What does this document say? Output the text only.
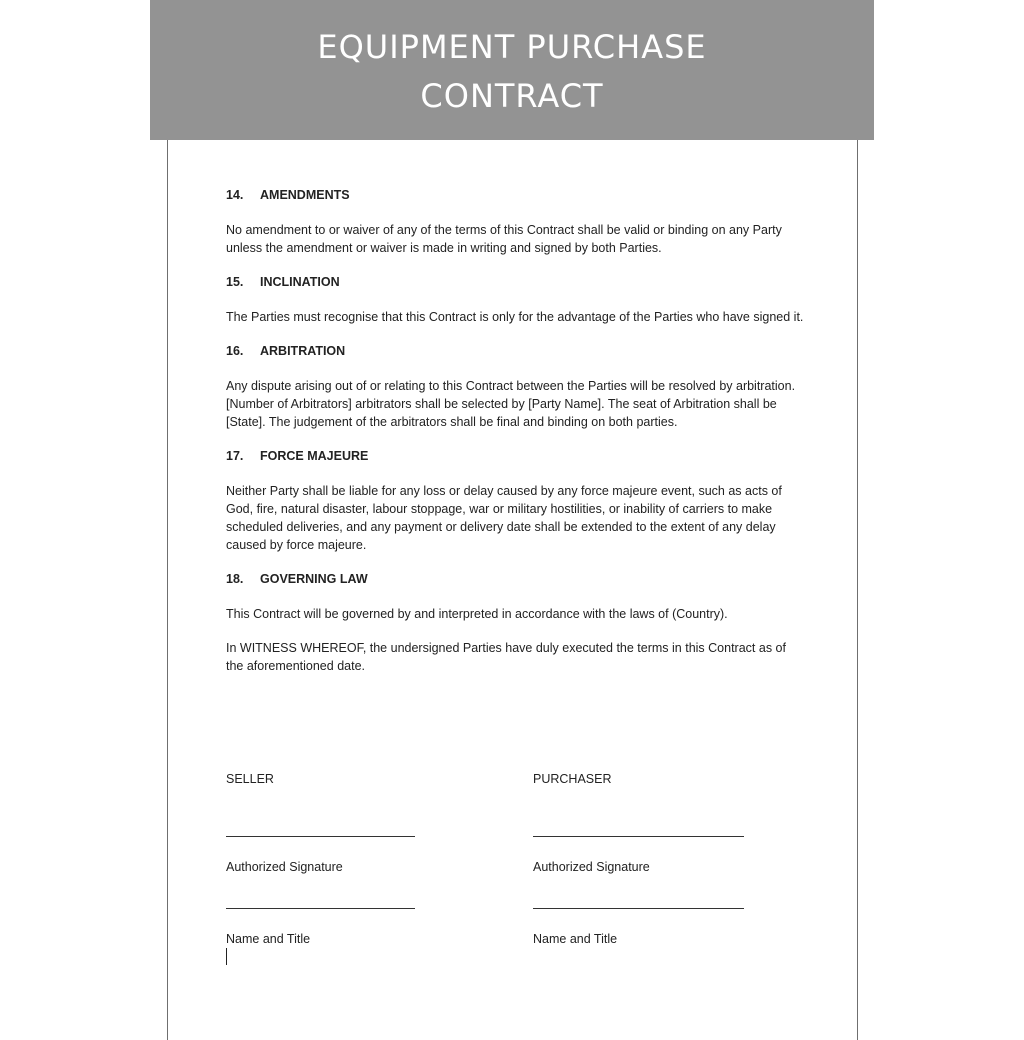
EQUIPMENT PURCHASE
CONTRACT
14. AMENDMENTS

No amendment to or waiver of any of the terms of this Contract shall be valid or binding on any Party unless the amendment or waiver is made in writing and signed by both Parties.

15. INCLINATION

The Parties must recognise that this Contract is only for the advantage of the Parties who have signed it.

16. ARBITRATION

Any dispute arising out of or relating to this Contract between the Parties will be resolved by arbitration. [Number of Arbitrators] arbitrators shall be selected by [Party Name]. The seat of Arbitration shall be [State]. The judgement of the arbitrators shall be final and binding on both parties.

17. FORCE MAJEURE

Neither Party shall be liable for any loss or delay caused by any force majeure event, such as acts of God, fire, natural disaster, labour stoppage, war or military hostilities, or inability of carriers to make scheduled deliveries, and any payment or delivery date shall be extended to the extent of any delay caused by force majeure.

18. GOVERNING LAW

This Contract will be governed by and interpreted in accordance with the laws of (Country).

In WITNESS WHEREOF, the undersigned Parties have duly executed the terms in this Contract as of the aforementioned date.

SELLER
Authorized Signature
Name and Title
PURCHASER
Authorized Signature
Name and Title
